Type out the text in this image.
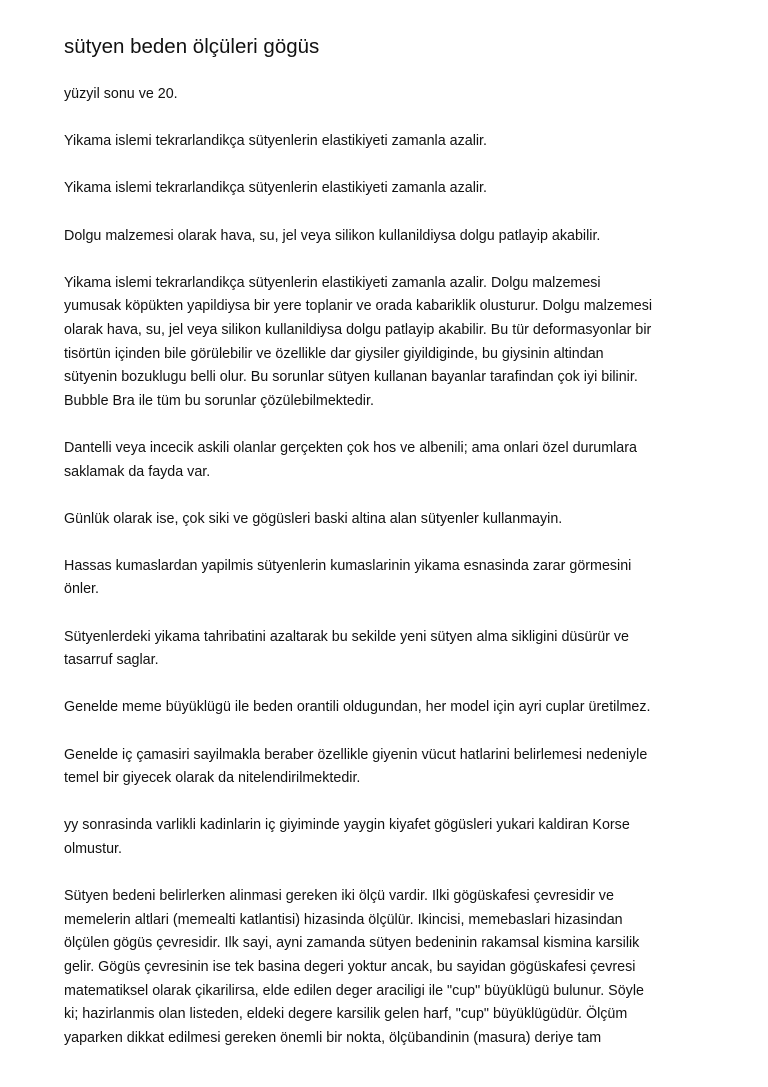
sütyen beden ölçüleri gögüs

yüzyil sonu ve 20.

Yikama islemi tekrarlandikça sütyenlerin elastikiyeti zamanla azalir.

Yikama islemi tekrarlandikça sütyenlerin elastikiyeti zamanla azalir.

Dolgu malzemesi olarak hava, su, jel veya silikon kullanildiysa dolgu patlayip akabilir.

Yikama islemi tekrarlandikça sütyenlerin elastikiyeti zamanla azalir. Dolgu malzemesi
yumusak köpükten yapildiysa bir yere toplanir ve orada kabariklik olusturur. Dolgu malzemesi
olarak hava, su, jel veya silikon kullanildiysa dolgu patlayip akabilir. Bu tür deformasyonlar bir
tisörtün içinden bile görülebilir ve özellikle dar giysiler giyildiginde, bu giysinin altindan
sütyenin bozuklugu belli olur. Bu sorunlar sütyen kullanan bayanlar tarafindan çok iyi bilinir.
Bubble Bra ile tüm bu sorunlar çözülebilmektedir.

Dantelli veya incecik askili olanlar gerçekten çok hos ve albenili; ama onlari özel durumlara
saklamak da fayda var.

Günlük olarak ise, çok siki ve gögüsleri baski altina alan sütyenler kullanmayin.

Hassas kumaslardan yapilmis sütyenlerin kumaslarinin yikama esnasinda zarar görmesini
önler.

Sütyenlerdeki yikama tahribatini azaltarak bu sekilde yeni sütyen alma sikligini düsürür ve
tasarruf saglar.

Genelde meme büyüklügü ile beden orantili oldugundan, her model için ayri cuplar üretilmez.

Genelde iç çamasiri sayilmakla beraber özellikle giyenin vücut hatlarini belirlemesi nedeniyle
temel bir giyecek olarak da nitelendirilmektedir.

yy sonrasinda varlikli kadinlarin iç giyiminde yaygin kiyafet gögüsleri yukari kaldiran Korse
olmustur.

Sütyen bedeni belirlerken alinmasi gereken iki ölçü vardir. Ilki gögüskafesi çevresidir ve
memelerin altlari (memealti katlantisi) hizasinda ölçülür. Ikincisi, memebaslari hizasindan
ölçülen gögüs çevresidir. Ilk sayi, ayni zamanda sütyen bedeninin rakamsal kismina karsilik
gelir. Gögüs çevresinin ise tek basina degeri yoktur ancak, bu sayidan gögüskafesi çevresi
matematiksel olarak çikarilirsa, elde edilen deger araciligi ile "cup" büyüklügü bulunur. Söyle
ki; hazirlanmis olan listeden, eldeki degere karsilik gelen harf, "cup" büyüklügüdür. Ölçüm
yaparken dikkat edilmesi gereken önemli bir nokta, ölçübandinin (masura) deriye tam
